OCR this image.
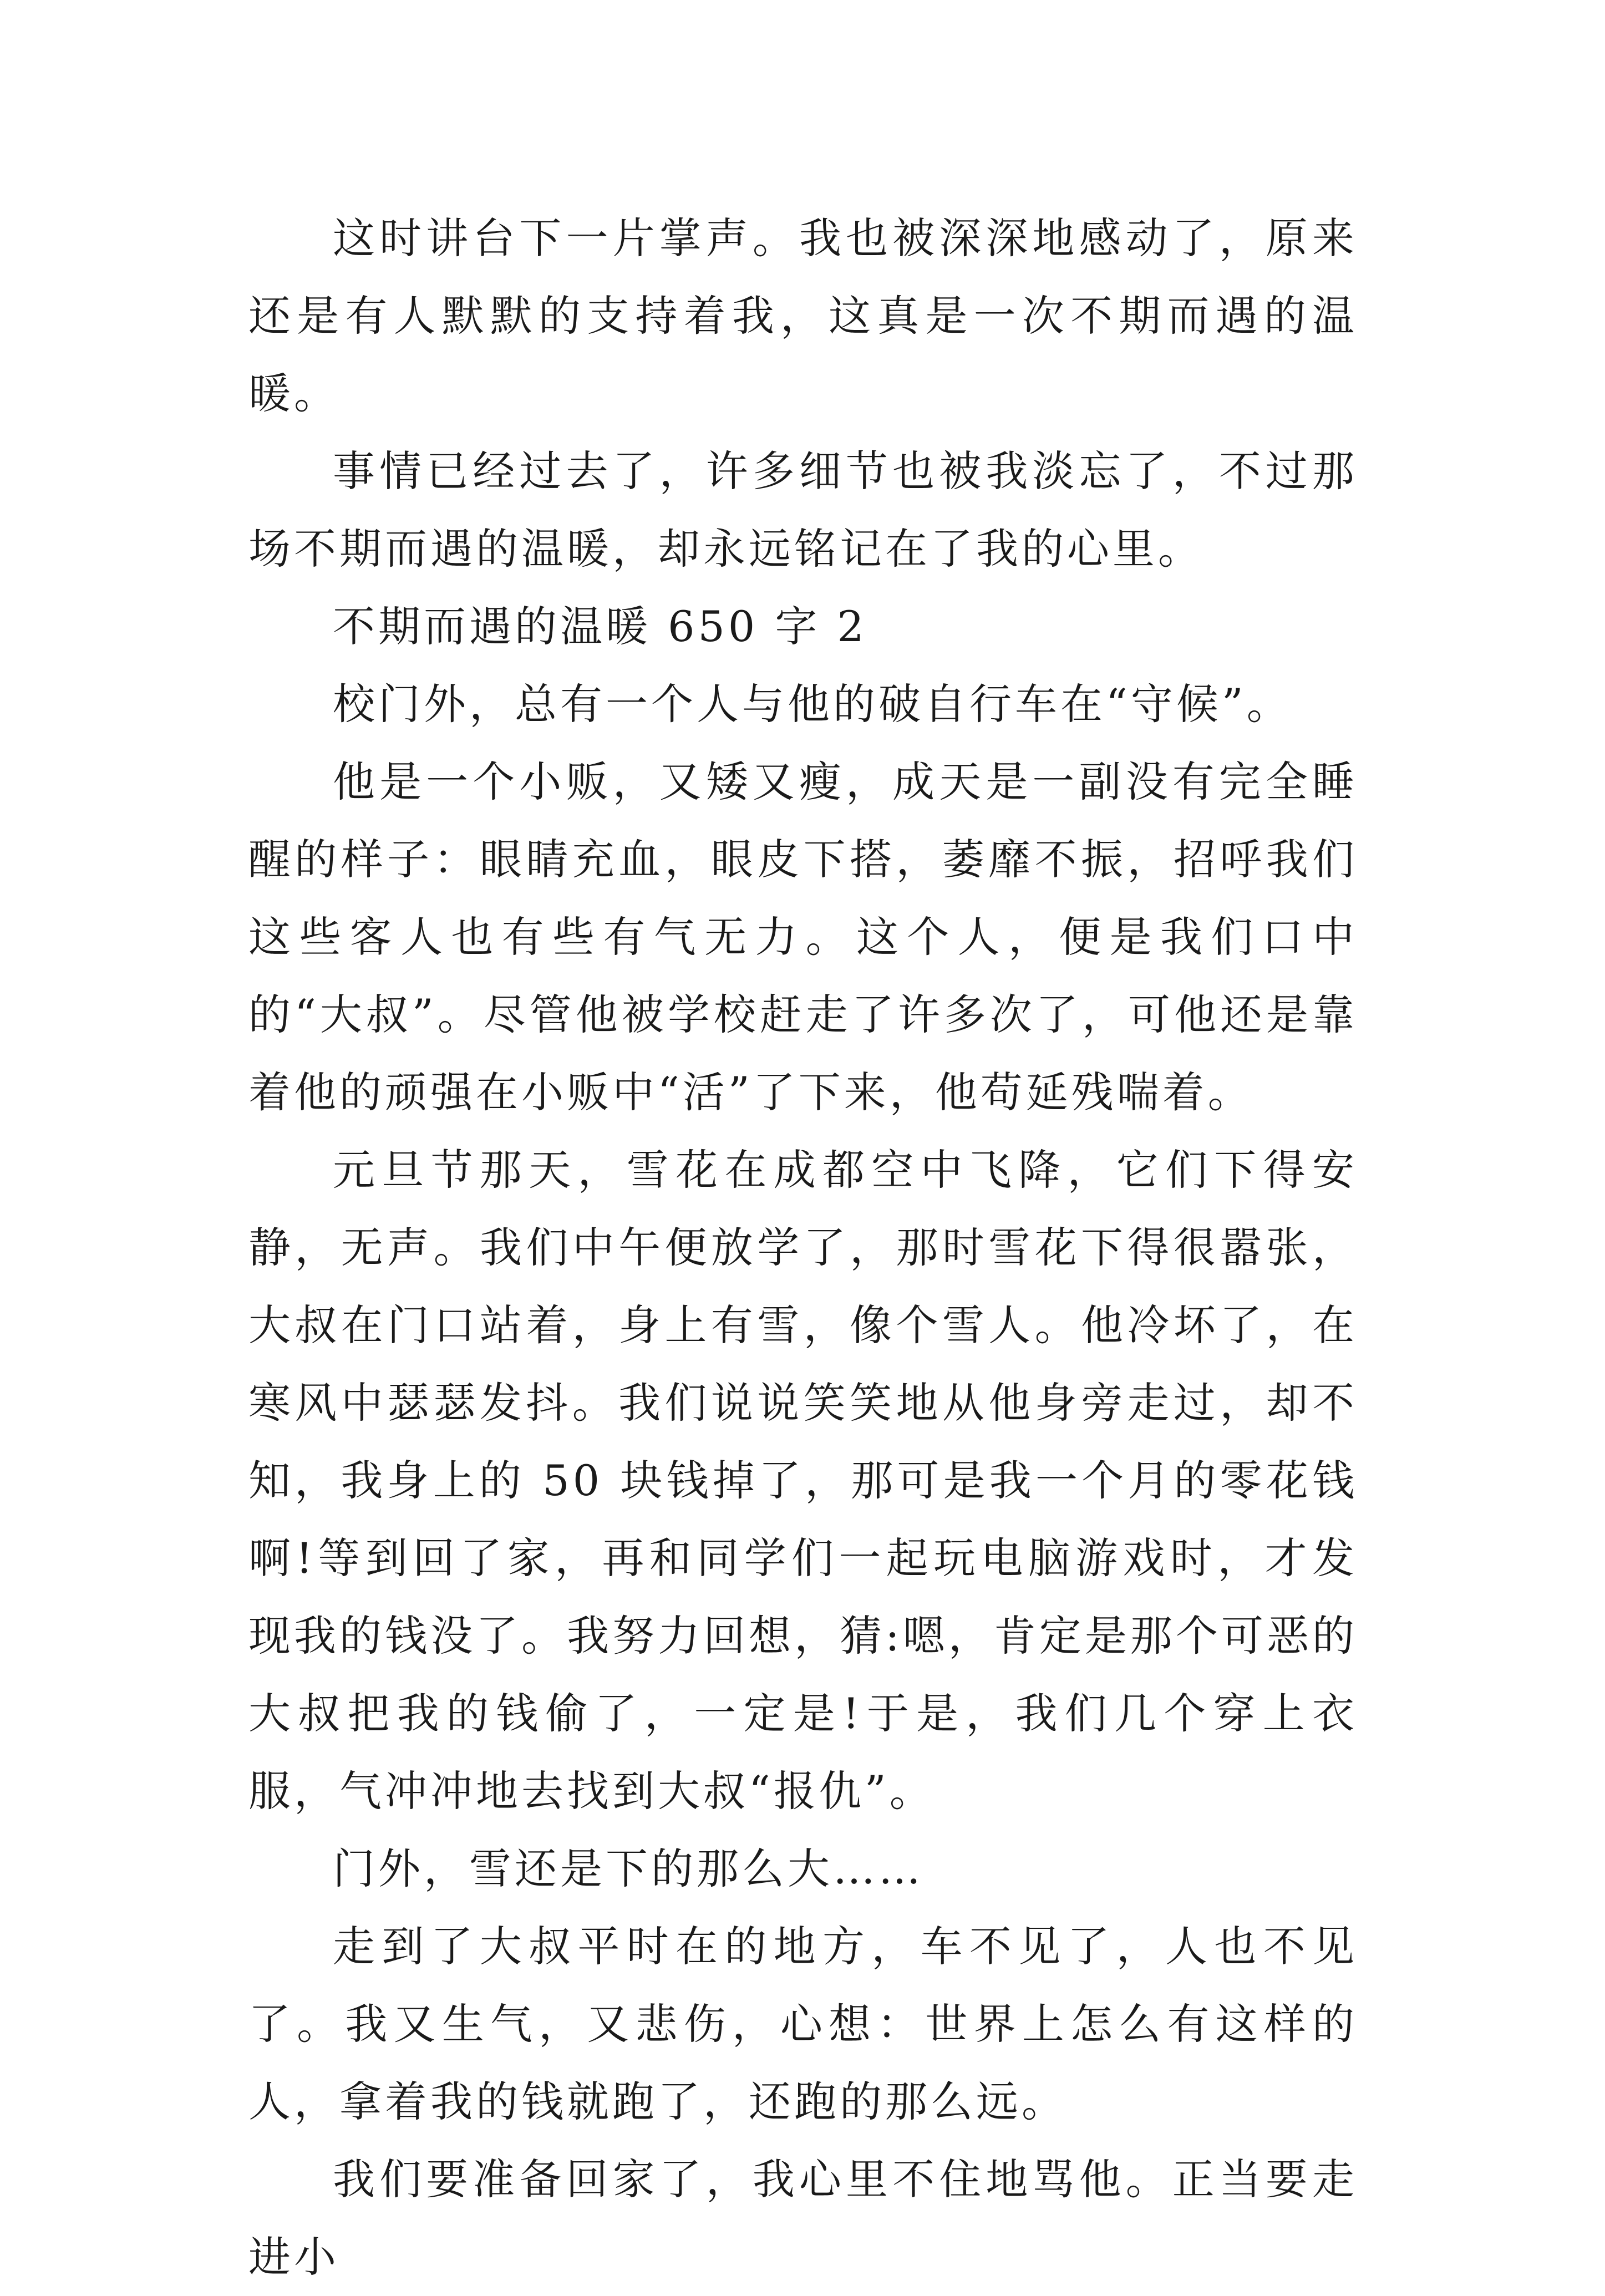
这时讲台下一片掌声。我也被深深地感动了，原来还是有人默默的支持着我，这真是一次不期而遇的温暖。

事情已经过去了，许多细节也被我淡忘了，不过那场不期而遇的温暖，却永远铭记在了我的心里。

不期而遇的温暖 650 字 2

校门外，总有一个人与他的破自行车在“守候”。

他是一个小贩，又矮又瘦，成天是一副没有完全睡醒的样子：眼睛充血，眼皮下搭，萎靡不振，招呼我们这些客人也有些有气无力。这个人，便是我们口中的“大叔”。尽管他被学校赶走了许多次了，可他还是靠着他的顽强在小贩中“活”了下来，他苟延残喘着。

元旦节那天，雪花在成都空中飞降，它们下得安静，无声。我们中午便放学了，那时雪花下得很嚣张，大叔在门口站着，身上有雪，像个雪人。他冷坏了，在寒风中瑟瑟发抖。我们说说笑笑地从他身旁走过，却不知，我身上的 50 块钱掉了，那可是我一个月的零花钱啊!等到回了家，再和同学们一起玩电脑游戏时，才发现我的钱没了。我努力回想，猜:嗯，肯定是那个可恶的大叔把我的钱偷了，一定是!于是，我们几个穿上衣服，气冲冲地去找到大叔“报仇”。

门外，雪还是下的那么大……

走到了大叔平时在的地方，车不见了，人也不见了。我又生气，又悲伤，心想：世界上怎么有这样的人，拿着我的钱就跑了，还跑的那么远。

我们要准备回家了，我心里不住地骂他。正当要走进小
